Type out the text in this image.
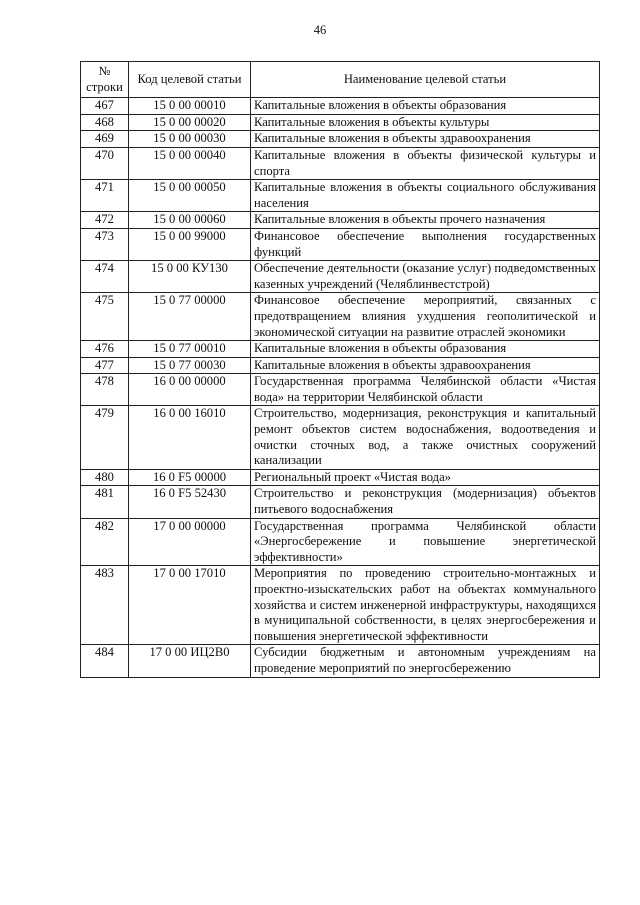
46
№ строки	Код целевой статьи	Наименование целевой статьи
467	15 0 00 00010	Капитальные вложения в объекты образования
468	15 0 00 00020	Капитальные вложения в объекты культуры
469	15 0 00 00030	Капитальные вложения в объекты здравоохранения
470	15 0 00 00040	Капитальные вложения в объекты физической культуры и спорта
471	15 0 00 00050	Капитальные вложения в объекты социального обслуживания населения
472	15 0 00 00060	Капитальные вложения в объекты прочего назначения
473	15 0 00 99000	Финансовое обеспечение выполнения государственных функций
474	15 0 00 КУ130	Обеспечение деятельности (оказание услуг) подведомственных казенных учреждений (Челяблинвестстрой)
475	15 0 77 00000	Финансовое обеспечение мероприятий, связанных с предотвращением влияния ухудшения геополитической и экономической ситуации на развитие отраслей экономики
476	15 0 77 00010	Капитальные вложения в объекты образования
477	15 0 77 00030	Капитальные вложения в объекты здравоохранения
478	16 0 00 00000	Государственная программа Челябинской области «Чистая вода» на территории Челябинской области
479	16 0 00 16010	Строительство, модернизация, реконструкция и капитальный ремонт объектов систем водоснабжения, водоотведения и очистки сточных вод, а также очистных сооружений канализации
480	16 0 F5 00000	Региональный проект «Чистая вода»
481	16 0 F5 52430	Строительство и реконструкция (модернизация) объектов питьевого водоснабжения
482	17 0 00 00000	Государственная программа Челябинской области «Энергосбережение и повышение энергетической эффективности»
483	17 0 00 17010	Мероприятия по проведению строительно-монтажных и проектно-изыскательских работ на объектах коммунального хозяйства и систем инженерной инфраструктуры, находящихся в муниципальной собственности, в целях энергосбережения и повышения энергетической эффективности
484	17 0 00 ИЦ2В0	Субсидии бюджетным и автономным учреждениям на проведение мероприятий по энергосбережению
